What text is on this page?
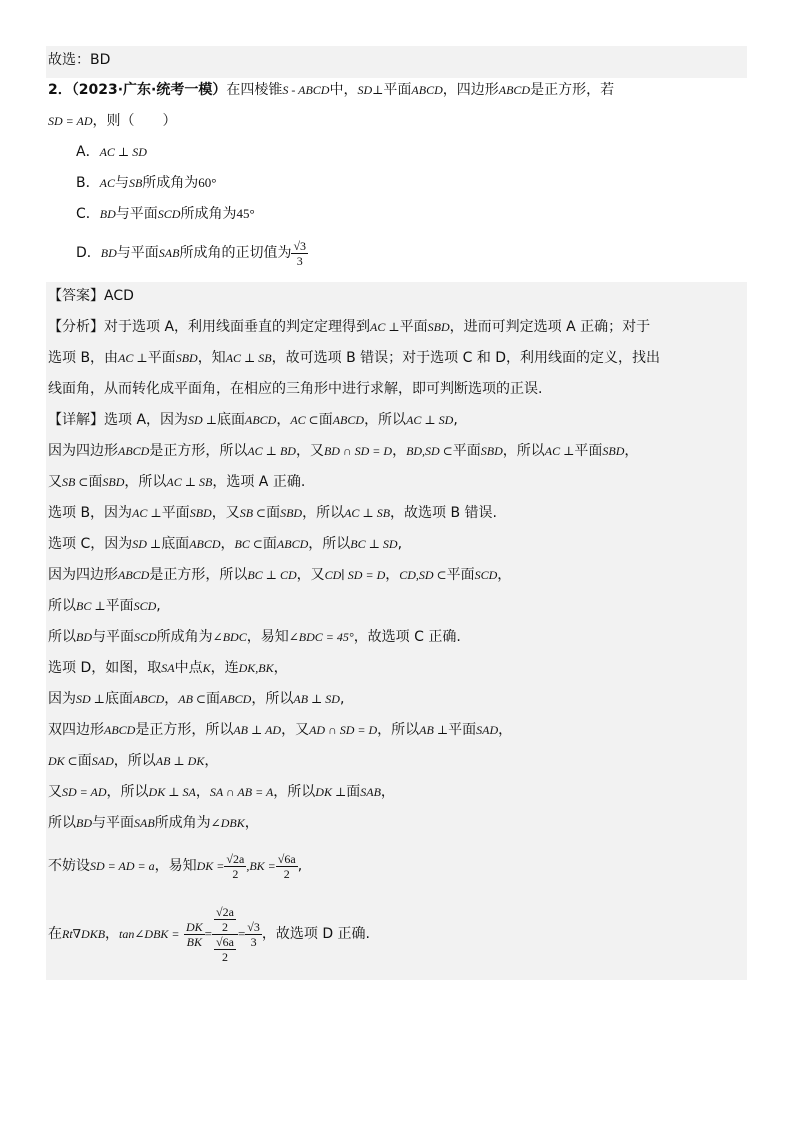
故选：BD
2．（2023·广东·统考一模）在四棱锥S - ABCD中，SD⊥平面ABCD，四边形ABCD是正方形，若
SD = AD，则（　　）
A．AC ⊥ SD
B．AC与SB所成角为60°
C．BD与平面SCD所成角为45°
D．BD与平面SAB所成角的正切值为 $\frac{√3}{3}$
【答案】ACD
【分析】对于选项 A，利用线面垂直的判定定理得到AC ⊥平面SBD，进而可判定选项 A 正确；对于
选项 B，由AC ⊥平面SBD，知AC ⊥ SB，故可选项 B 错误；对于选项 C 和 D，利用线面的定义，找出
线面角，从而转化成平面角，在相应的三角形中进行求解，即可判断选项的正误.
【详解】选项 A，因为SD ⊥底面ABCD，AC ⊂面ABCD，所以AC ⊥ SD,
因为四边形ABCD是正方形，所以AC ⊥ BD，又BD ∩ SD = D，BD,SD ⊂平面SBD，所以AC ⊥平面SBD，
又SB ⊂面SBD，所以AC ⊥ SB，选项 A 正确.
选项 B，因为AC ⊥平面SBD，又SB ⊂面SBD，所以AC ⊥ SB，故选项 B 错误.
选项 C，因为SD ⊥底面ABCD，BC ⊂面ABCD，所以BC ⊥ SD,
因为四边形ABCD是正方形，所以BC ⊥ CD，又CD∣ SD = D，CD,SD ⊂平面SCD，
所以BC ⊥平面SCD,
所以BD与平面SCD所成角为∠BDC，易知∠BDC = 45°，故选项 C 正确.
选项 D，如图，取SA中点K，连DK,BK，
因为SD ⊥底面ABCD，AB ⊂面ABCD，所以AB ⊥ SD,
双四边形ABCD是正方形，所以AB ⊥ AD，又AD ∩ SD = D，所以AB ⊥平面SAD，
DK ⊂面SAD，所以AB ⊥ DK，
又SD = AD，所以DK ⊥ SA，SA ∩ AB = A，所以DK ⊥面SAB，
所以BD与平面SAB所成角为∠DBK，
不妨设SD = AD = a，易知DK = $\frac{√2a}{2} ,BK = \frac{√6a}{2}$ ,
在Rt∇DKB，tan∠DBK = $\frac{DK}{BK} = \frac{\frac{√2a}{2}}{\frac{√6a}{2}} = \frac{√3}{3}$ ，故选项 D 正确.
